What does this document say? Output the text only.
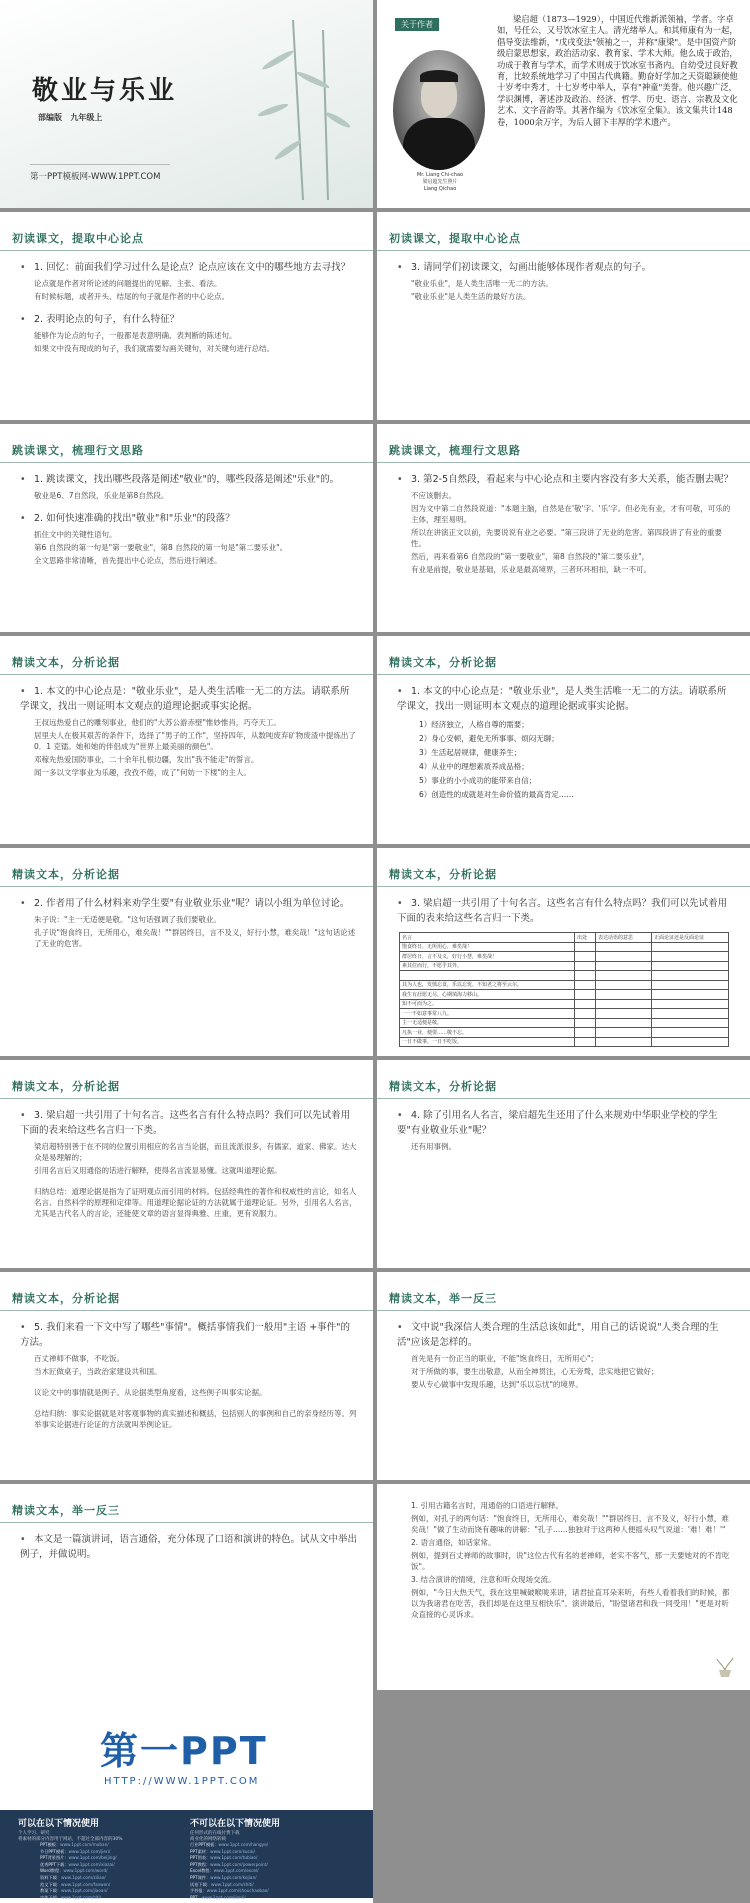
敬业与乐业
部编版 九年级上
第一PPT模板网-WWW.1PPT.COM
关于作者
Mr. Liang Chi-chao
梁启超先生照片
Liang Qichao
梁启超（1873—1929），中国近代维新派领袖，学者。字卓如，号任公，又号饮冰室主人。清光绪举人。和其师康有为一起，倡导变法维新，"戊戌变法"领袖之一，并称"康梁"。是中国资产阶级启蒙思想家，政治活动家、教育家、学术大师。他么成于政治，功成于教育与学术，而学术则成于饮冰室书斋内。自幼受过良好教育，比较系统地学习了中国古代典籍。勤奋好学加之天资聪颖使他十岁考中秀才，十七岁考中举人，享有"神童"美誉。他兴趣广泛，学识渊博，著述涉及政治、经济、哲学、历史、语言、宗教及文化艺术、文字音韵等。其著作编为《饮冰室全集》。该文集共计148卷，1000余万字，为后人留下丰厚的学术遗产。
初读课文，提取中心论点
• 1. 回忆：前面我们学习过什么是论点？论点应该在文中的哪些地方去寻找？
论点就是作者对所论述的问题提出的见解、主张、看法。
有时候标题，或者开头、结尾的句子就是作者的中心论点。
• 2. 表明论点的句子，有什么特征？
能够作为论点的句子，一般都是表意明确、表判断的陈述句。
如果文中没有现成的句子，我们就需要勾画关键句，对关键句进行总结。
初读课文，提取中心论点
• 3. 请同学们初读课文，勾画出能够体现作者观点的句子。
"敬业乐业"，是人类生活唯一无二的方法。
"敬业乐业"是人类生活的最好方法。
跳读课文，梳理行文思路
• 1. 跳读课文，找出哪些段落是阐述"敬业"的，哪些段落是阐述"乐业"的。
敬业是6、7自然段，乐业是第8自然段。
• 2. 如何快速准确的找出"敬业"和"乐业"的段落？
抓住文中的关键性语句。
第6 自然段的第一句是"第一要敬业"，第8 自然段的第一句是"第二要乐业"。
全文思路非常清晰，首先提出中心论点，然后进行阐述。
跳读课文，梳理行文思路
• 3. 第2-5自然段，看起来与中心论点和主要内容没有多大关系，能否删去呢？
不应该删去。
因为文中第二自然段说道："本题主脑，自然是在'敬'字、'乐'字。但必先有业，才有可敬，可乐的主体，理至易明。
所以在讲演正文以前，先要说说有业之必要。"第三段讲了无业的危害。第四段讲了有业的重要性。
然后，再来看第6 自然段的"第一要敬业"，第8 自然段的"第二要乐业"，
有业是前提，敬业是基础，乐业是最高境界，三者环环相扣，缺一不可。
精读文本，分析论据
• 1. 本文的中心论点是："敬业乐业"，是人类生活唯一无二的方法。请联系所学课文，找出一则证明本文观点的道理论据或事实论据。
王叔远热爱自己的雕刻事业，他们的"大苏公游赤壁"惟妙惟肖，巧夺天工。
居里夫人在极其艰苦的条件下，选择了"男子的工作"，坚持四年，从数吨废弃矿物废渣中提炼出了 0．1 克镭。她和她的伴侣成为"世界上最美丽的颜色"。
邓稼先热爱国防事业，二十余年扎根边疆，发出"我不能走"的誓言。
闻一多以文学事业为乐趣，孜孜不倦，成了"何妨一下楼"的主人。
精读文本，分析论据
• 1. 本文的中心论点是："敬业乐业"，是人类生活唯一无二的方法。请联系所学课文，找出一则证明本文观点的道理论据或事实论据。
1）经济独立，人格自尊的需要；
2）身心安顿，避免无所事事、烦闷无聊；
3）生活起居规律，健康养生；
4）从业中的理想素质养成品格；
5）事业的小小成功的能带来自信；
6）创造性的成就是对生命价值的最高肯定……
精读文本，分析论据
• 2. 作者用了什么材料来劝学生要"有业敬业乐业"呢？请以小组为单位讨论。
朱子说："主一无适便是敬。"这句话强调了我们要敬业。
孔子说"饱食终日，无所用心，难矣哉！""群居终日，言不及义，好行小慧，难矣哉！"这句话论述了无业的危害。
精读文本，分析论据
• 3. 梁启超一共引用了十句名言。这些名言有什么特点吗？我们可以先试着用下面的表来给这些名言归一下类。
名言	出处	表达话语的意思	正面论证还是反面论证
饱食终日，无所用心，难矣哉！			
群居终日，言不及义，好行小慧，难矣哉！			
素其位而行，不愿乎其外。			

其为人也，发愤忘食，乐以忘忧，不知老之将至云尔。			
我生有涯愿无尽，心期填海力移山。			
知不可而为之。			
一一不如意事常八九。			
主一无适便是敬。			
凡执一业，便要……敬不忘。			
一日不做事，一日不吃饭。			
精读文本，分析论据
• 3. 梁启超一共引用了十句名言。这些名言有什么特点吗？我们可以先试着用下面的表来给这些名言归一下类。
梁启超特别善于在不同的位置引用相应的名言当论据，而且流派很多，有儒家、道家、佛家。达大众是易理解的；
引用名言后又用通俗的话进行解释，使得名言流显易懂。这就叫道理论据。
归纳总结：道理论据是指为了证明观点而引用的材料。包括经典性的著作和权威性的言论，如名人名言、自然科学的原理和定律等。用道理论据论证的方法就属于道理论证。另外，引用名人名言，尤其是古代名人的言论，还能使文章的语言显得典雅、庄重，更有说服力。
精读文本，分析论据
• 4. 除了引用名人名言，梁启超先生还用了什么来规劝中华职业学校的学生要"有业敬业乐业"呢？
还有用事例。
精读文本，分析论据
• 5. 我们来看一下文中写了哪些"事情"。概括事情我们一般用"主语 +事件"的方法。
百丈禅师不做事，不吃饭。
当木匠做桌子，当政治家建设共和国。
议论文中的事情就是例子。从论据类型角度看，这些例子叫事实论据。
总结归纳：事实论据就是对客观事物的真实描述和概括，包括别人的事例和自己的亲身经历等。列举事实论据进行论证的方法就叫举例论证。
精读文本，举一反三
• 文中说"我深信人类合理的生活总该如此"，用自己的话说说"人类合理的生活"应该是怎样的。
首先是有一份正当的职业，不能"饱食终日，无所用心"；
对于所做的事，要生出敬意，从而全神贯注，心无旁骛，忠实地把它做好；
要从专心做事中发现乐趣，达到"乐以忘忧"的境界。
精读文本，举一反三
• 本文是一篇演讲词，语言通俗，充分体现了口语和演讲的特色。试从文中举出例子，并做说明。
1. 引用古籍名言时，用通俗的口语进行解释。
例如，对孔子的两句话："饱食终日，无所用心，难矣哉！""群居终日，言不及义，好行小慧，难矣哉！"做了生动而饶有趣味的讲解："孔子……独独对于这两种人便摇头叹气说道：'难！难！'"
2. 语言通俗，如话家常。
例如，提到百丈禅师的故事时，说"这位古代有名的老禅师，老实不客气，那一天要她对的不肯吃饭"。
3. 结合演讲的情境，注意和听众现场交流。
例如，"今日大热天气，我在这里喊破喉咙来讲，诸君扯直耳朵来听，有些人看着我们的时候，都以为我诸君在吃苦，我们却是在这里互相快乐"。演讲最后，"盼望诸君和我一同受用！"更是对听众直接的心灵诉求。
第一PPT
HTTP://WWW.1PPT.COM
可以在以下情况使用
个人学习、研究
将素材的部分内容用于网站，不超过全部内容的30%
不可以在以下情况使用
任何形式的在线付费下载
商业化的网络转载
PPT模板：www.1ppt.com/moban/
节日PPT模板：www.1ppt.com/jieri/
PPT背景图片：www.1ppt.com/beijing/
优秀PPT下载：www.1ppt.com/xiazai/
Word教程：www.1ppt.com/word/
资料下载：www.1ppt.com/ziliao/
范文下载：www.1ppt.com/fanwen/
教案下载：www.1ppt.com/jiaoan/
字体下载：www.1ppt.com/ziti/
行业PPT模板：www.1ppt.com/hangye/
PPT素材：www.1ppt.com/sucai/
PPT图表：www.1ppt.com/tubiao/
PPT教程：www.1ppt.com/powerpoint/
Excel教程：www.1ppt.com/excel/
PPT课件：www.1ppt.com/kejian/
试卷下载：www.1ppt.com/shiti/
手抄报：www.1ppt.com/shouchaobao/
PPT：www.1ppt.com/jianli/
